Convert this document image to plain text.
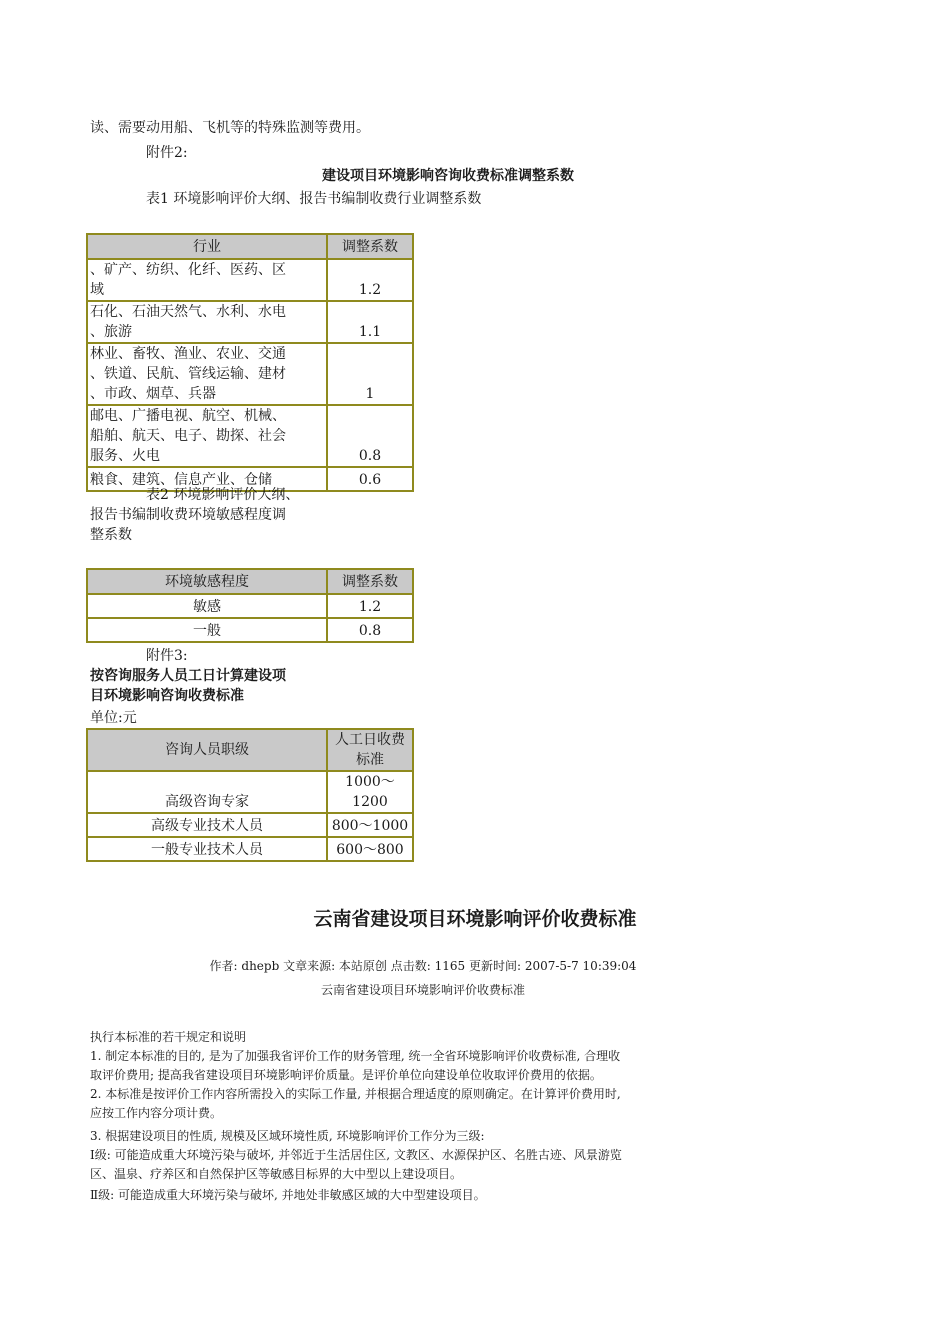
读、需要动用船、飞机等的特殊监测等费用。
附件2:
建设项目环境影响咨询收费标准调整系数
表1 环境影响评价大纲、报告书编制收费行业调整系数
行业	调整系数

、矿产、纺织、化纤、医药、区
域	1.2

石化、石油天然气、水利、水电
、旅游	1.1

林业、畜牧、渔业、农业、交通
、铁道、民航、管线运输、建材
、市政、烟草、兵器	1

邮电、广播电视、航空、机械、
船舶、航天、电子、勘探、社会
服务、火电	0.8

粮食、建筑、信息产业、仓储	0.6
表2 环境影响评价大纲、
报告书编制收费环境敏感程度调
整系数
环境敏感程度	调整系数
敏感	1.2
一般	0.8
附件3:
按咨询服务人员工日计算建设项
目环境影响咨询收费标准
单位:元
咨询人员职级	人工日收费
标准

高级咨询专家	1000～1200
高级专业技术人员	800～1000
一般专业技术人员	600～800
云南省建设项目环境影响评价收费标准
作者: dhepb 文章来源: 本站原创 点击数: 1165 更新时间: 2007-5-7 10:39:04
云南省建设项目环境影响评价收费标准
执行本标准的若干规定和说明
1. 制定本标准的目的, 是为了加强我省评价工作的财务管理, 统一全省环境影响评价收费标准, 合理收
取评价费用; 提高我省建设项目环境影响评价质量。是评价单位向建设单位收取评价费用的依据。
2. 本标准是按评价工作内容所需投入的实际工作量, 并根据合理适度的原则确定。在计算评价费用时,
应按工作内容分项计费。
3. 根据建设项目的性质, 规模及区域环境性质, 环境影响评价工作分为三级:
Ⅰ级: 可能造成重大环境污染与破坏, 并邻近于生活居住区, 文教区、水源保护区、名胜古迹、风景游览
区、温泉、疗养区和自然保护区等敏感目标界的大中型以上建设项目。
Ⅱ级: 可能造成重大环境污染与破坏, 并地处非敏感区域的大中型建设项目。
